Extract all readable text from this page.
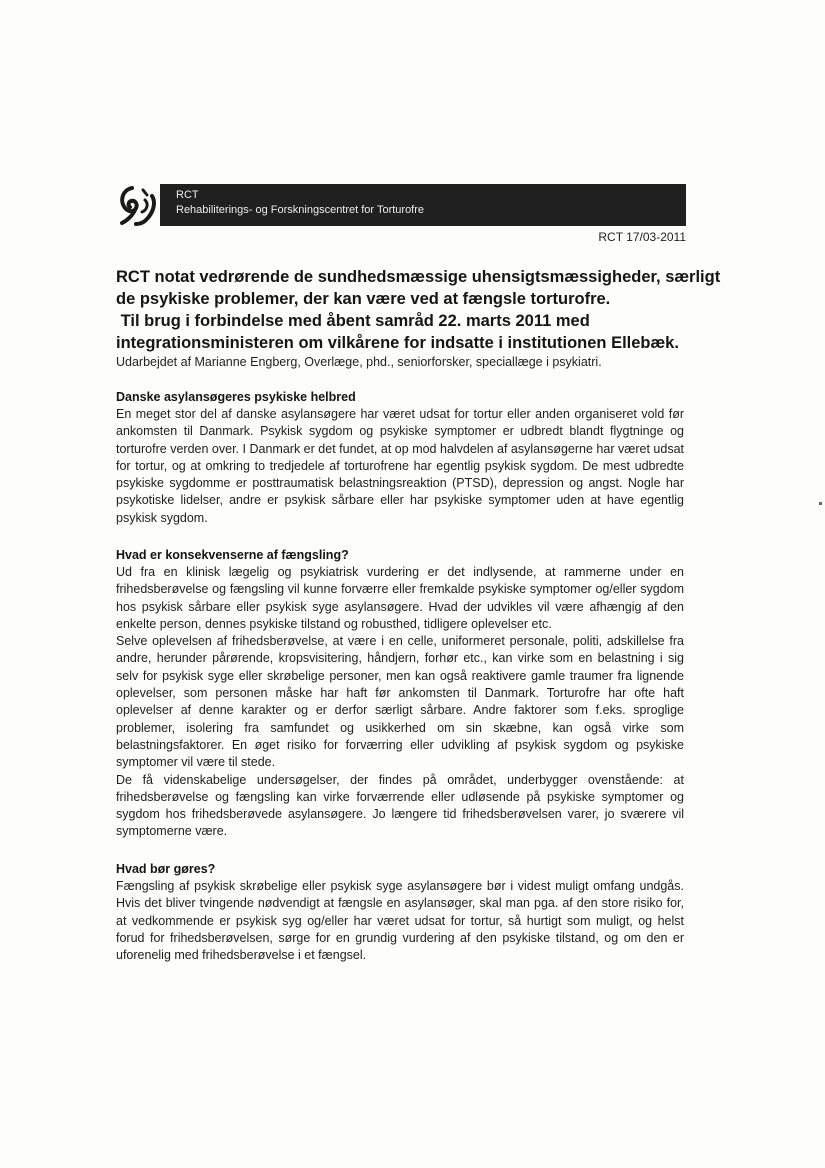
RCT
Rehabiliterings- og Forskningscentret for Torturofre
RCT 17/03-2011
RCT notat vedrørende de sundhedsmæssige uhensigtsmæssigheder, særligt
de psykiske problemer, der kan være ved at fængsle torturofre.
Til brug i forbindelse med åbent samråd 22. marts 2011 med
integrationsministeren om vilkårene for indsatte i institutionen Ellebæk.
Udarbejdet af Marianne Engberg, Overlæge, phd., seniorforsker, speciallæge i psykiatri.
Danske asylansøgeres psykiske helbred

En meget stor del af danske asylansøgere har været udsat for tortur eller anden organiseret vold før ankomsten til Danmark. Psykisk sygdom og psykiske symptomer er udbredt blandt flygtninge og torturofre verden over. I Danmark er det fundet, at op mod halvdelen af asylansøgerne har været udsat for tortur, og at omkring to tredjedele af torturofrene har egentlig psykisk sygdom. De mest udbredte psykiske sygdomme er posttraumatisk belastningsreaktion (PTSD), depression og angst. Nogle har psykotiske lidelser, andre er psykisk sårbare eller har psykiske symptomer uden at have egentlig psykisk sygdom.

Hvad er konsekvenserne af fængsling?

Ud fra en klinisk lægelig og psykiatrisk vurdering er det indlysende, at rammerne under en frihedsberøvelse og fængsling vil kunne forværre eller fremkalde psykiske symptomer og/eller sygdom hos psykisk sårbare eller psykisk syge asylansøgere. Hvad der udvikles vil være afhængig af den enkelte person, dennes psykiske tilstand og robusthed, tidligere oplevelser etc.

Selve oplevelsen af frihedsberøvelse, at være i en celle, uniformeret personale, politi, adskillelse fra andre, herunder pårørende, kropsvisitering, håndjern, forhør etc., kan virke som en belastning i sig selv for psykisk syge eller skrøbelige personer, men kan også reaktivere gamle traumer fra lignende oplevelser, som personen måske har haft før ankomsten til Danmark. Torturofre har ofte haft oplevelser af denne karakter og er derfor særligt sårbare. Andre faktorer som f.eks. sproglige problemer, isolering fra samfundet og usikkerhed om sin skæbne, kan også virke som belastningsfaktorer. En øget risiko for forværring eller udvikling af psykisk sygdom og psykiske symptomer vil være til stede.

De få videnskabelige undersøgelser, der findes på området, underbygger ovenstående: at frihedsberøvelse og fængsling kan virke forværrende eller udløsende på psykiske symptomer og sygdom hos frihedsberøvede asylansøgere. Jo længere tid frihedsberøvelsen varer, jo sværere vil symptomerne være.

Hvad bør gøres?

Fængsling af psykisk skrøbelige eller psykisk syge asylansøgere bør i videst muligt omfang undgås. Hvis det bliver tvingende nødvendigt at fængsle en asylansøger, skal man pga. af den store risiko for, at vedkommende er psykisk syg og/eller har været udsat for tortur, så hurtigt som muligt, og helst forud for frihedsberøvelsen, sørge for en grundig vurdering af den psykiske tilstand, og om den er uforenelig med frihedsberøvelse i et fængsel.
